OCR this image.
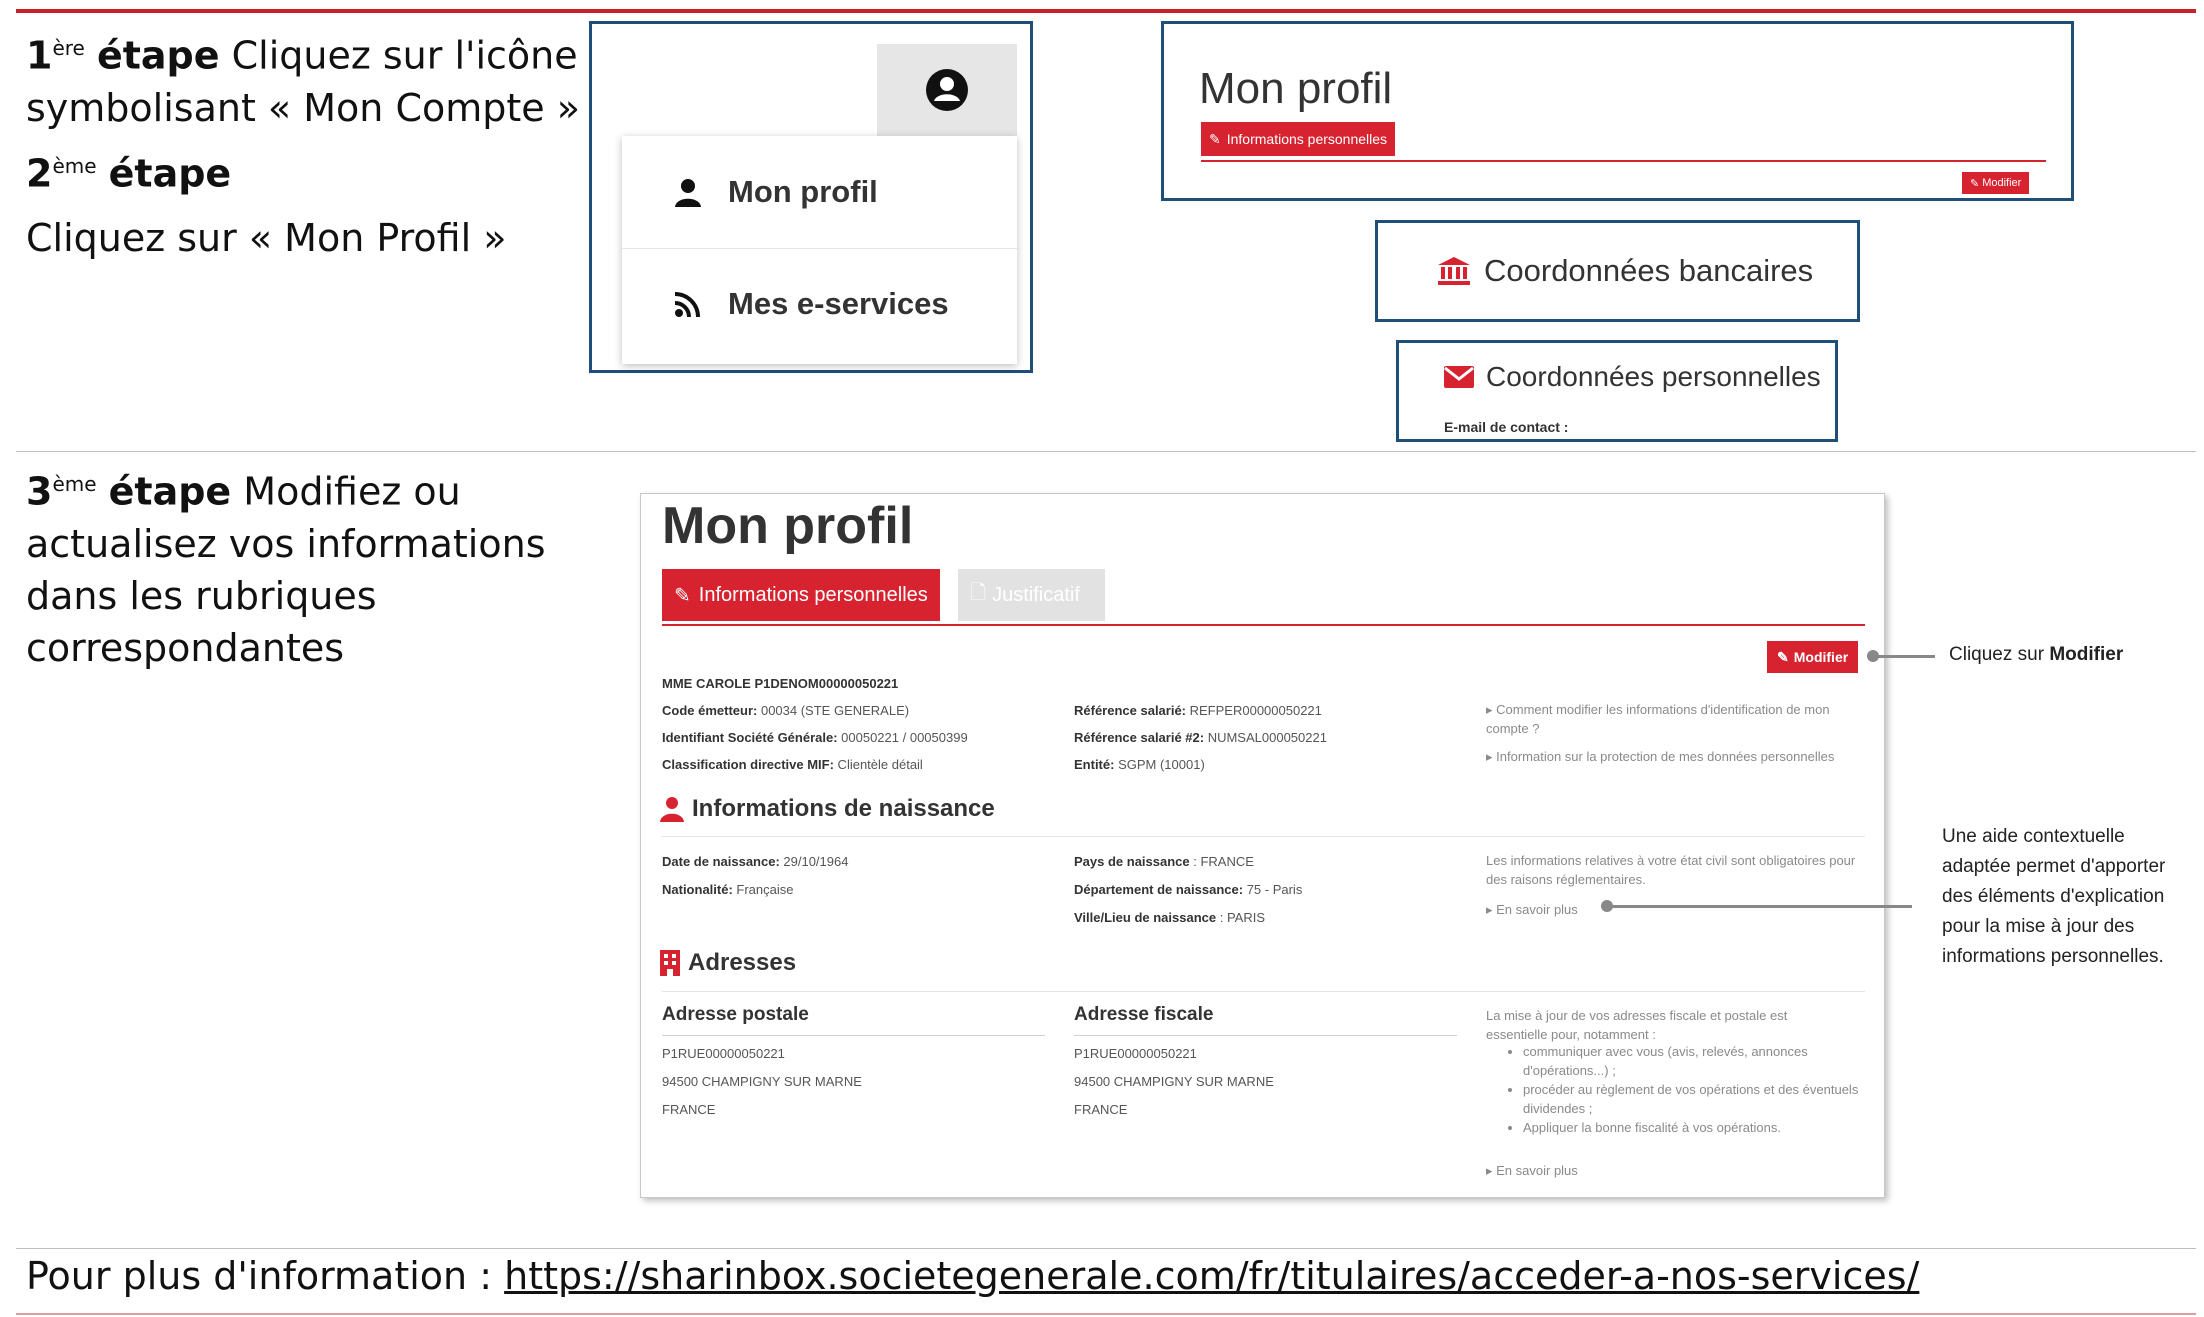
1ère étape Cliquez sur l'icône
symbolisant « Mon Compte »
2ème étape
Cliquez sur « Mon Profil »
Mon profil
Mes e-services
Mon profil
✎ Informations personnelles
✎ Modifier
Coordonnées bancaires
Coordonnées personnelles
E-mail de contact :
3ème étape Modifiez ou
actualisez vos informations
dans les rubriques
correspondantes
Mon profil
✎ Informations personnelles 🗋 Justificatif
✎ Modifier
MME CAROLE P1DENOM00000050221
Code émetteur: 00034 (STE GENERALE)
Identifiant Société Générale: 00050221 / 00050399
Classification directive MIF: Clientèle détail
Référence salarié: REFPER00000050221
Référence salarié #2: NUMSAL000050221
Entité: SGPM (10001)
▸ Comment modifier les informations d'identification de mon compte ?
▸ Information sur la protection de mes données personnelles
Informations de naissance
Date de naissance: 29/10/1964
Nationalité: Française
Pays de naissance : FRANCE
Département de naissance: 75 - Paris
Ville/Lieu de naissance : PARIS
Les informations relatives à votre état civil sont obligatoires pour des raisons réglementaires.
▸ En savoir plus
Adresses
Adresse postale
P1RUE00000050221
94500 CHAMPIGNY SUR MARNE
FRANCE
Adresse fiscale
P1RUE00000050221
94500 CHAMPIGNY SUR MARNE
FRANCE
La mise à jour de vos adresses fiscale et postale est essentielle pour, notamment :
• communiquer avec vous (avis, relevés, annonces d'opérations...) ;
• procéder au règlement de vos opérations et des éventuels dividendes ;
• Appliquer la bonne fiscalité à vos opérations.
▸ En savoir plus
Cliquez sur Modifier
Une aide contextuelle
adaptée permet d'apporter
des éléments d'explication
pour la mise à jour des
informations personnelles.
Pour plus d'information : https://sharinbox.societegenerale.com/fr/titulaires/acceder-a-nos-services/
